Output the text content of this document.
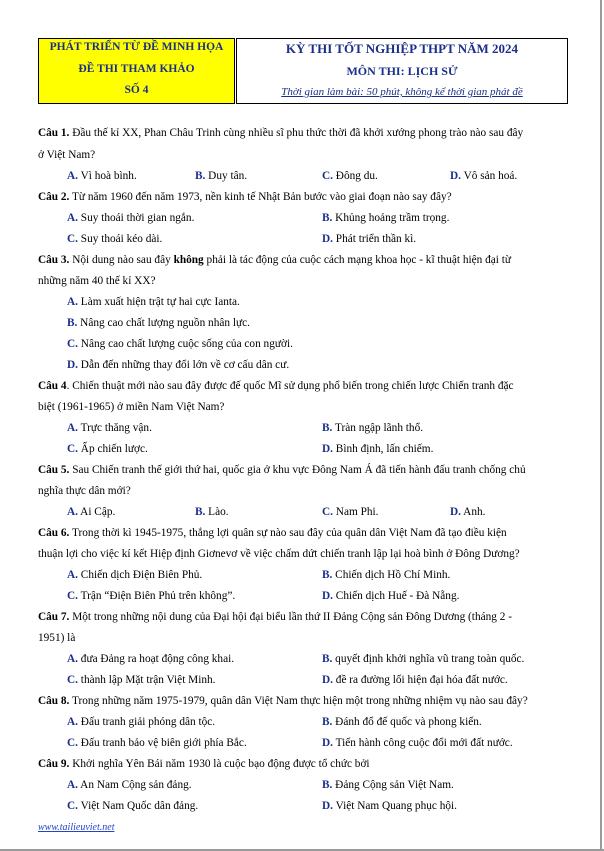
PHÁT TRIỂN TỪ ĐỀ MINH HỌA
ĐỀ THI THAM KHẢO
SỐ 4
KỲ THI TỐT NGHIỆP THPT NĂM 2024
MÔN THI: LỊCH SỬ
Thời gian làm bài: 50 phút, không kể thời gian phát đề
Câu 1. Đầu thế kỉ XX, Phan Châu Trinh cùng nhiều sĩ phu thức thời đã khởi xướng phong trào nào sau đây
ở Việt Nam?
A. Vì hoà bình.	B. Duy tân.	C. Đông du.	D. Vô sản hoá.
Câu 2. Từ năm 1960 đến năm 1973, nền kinh tế Nhật Bản bước vào giai đoạn nào say đây?
A. Suy thoái thời gian ngắn.	B. Khủng hoảng trầm trọng.
C. Suy thoái kéo dài.	D. Phát triển thần kì.
Câu 3. Nội dung nào sau đây không phải là tác động của cuộc cách mạng khoa học - kĩ thuật hiện đại từ
những năm 40 thế kỉ XX?
A. Làm xuất hiện trật tự hai cực Ianta.
B. Nâng cao chất lượng nguồn nhân lực.
C. Nâng cao chất lượng cuộc sống của con người.
D. Dẫn đến những thay đổi lớn về cơ cấu dân cư.
Câu 4. Chiến thuật mới nào sau đây được đế quốc Mĩ sử dụng phổ biến trong chiến lược Chiến tranh đặc
biệt (1961-1965) ở miền Nam Việt Nam?
A. Trực thăng vận.	B. Tràn ngập lãnh thổ.
C. Ấp chiến lược.	D. Bình định, lấn chiếm.
Câu 5. Sau Chiến tranh thế giới thứ hai, quốc gia ở khu vực Đông Nam Á đã tiến hành đấu tranh chống chủ
nghĩa thực dân mới?
A. Ai Cập.	B. Lào.	C. Nam Phi.	D. Anh.
Câu 6. Trong thời kì 1945-1975, thắng lợi quân sự nào sau đây của quân dân Việt Nam đã tạo điều kiện
thuận lợi cho việc kí kết Hiệp định Giơnevơ về việc chấm dứt chiến tranh lập lại hoà bình ở Đông Dương?
A. Chiến dịch Điện Biên Phủ.	B. Chiến dịch Hồ Chí Minh.
C. Trận “Điện Biên Phủ trên không”.	D. Chiến dịch Huế - Đà Nẵng.
Câu 7. Một trong những nội dung của Đại hội đại biểu lần thứ II Đảng Cộng sản Đông Dương (tháng 2 -
1951) là
A. đưa Đảng ra hoạt động công khai.	B. quyết định khởi nghĩa vũ trang toàn quốc.
C. thành lập Mặt trận Việt Minh.	D. đề ra đường lối hiện đại hóa đất nước.
Câu 8. Trong những năm 1975-1979, quân dân Việt Nam thực hiện một trong những nhiệm vụ nào sau đây?
A. Đấu tranh giải phóng dân tộc.	B. Đánh đổ đế quốc và phong kiến.
C. Đấu tranh bảo vệ biên giới phía Bắc.	D. Tiến hành công cuộc đổi mới đất nước.
Câu 9. Khởi nghĩa Yên Bái năm 1930 là cuộc bạo động được tổ chức bởi
A. An Nam Cộng sản đảng.	B. Đảng Cộng sản Việt Nam.
C. Việt Nam Quốc dân đảng.	D. Việt Nam Quang phục hội.
www.tailieuviet.net
